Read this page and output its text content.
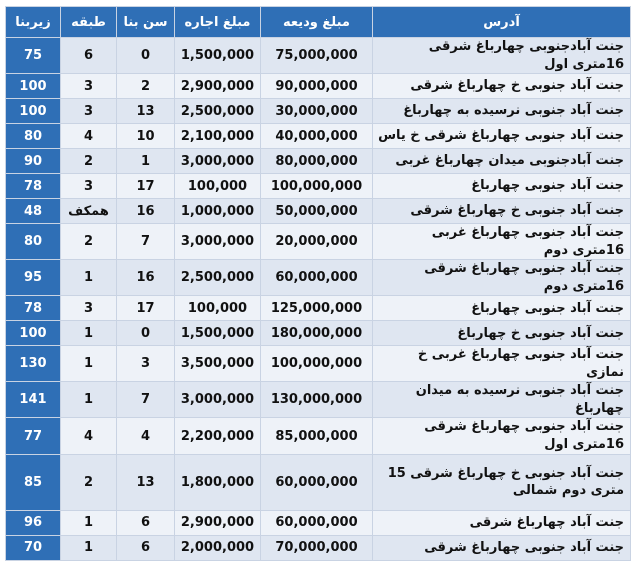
آدرس	مبلغ ودیعه	مبلغ اجاره	سن بنا	طبقه	زیربنا
جنت آبادجنوبی چهارباغ شرقی 16متری اول	75,000,000	1,500,000	0	6	75
جنت آباد جنوبی خ چهارباغ شرقی	90,000,000	2,900,000	2	3	100
جنت آباد جنوبی نرسیده به چهارباغ	30,000,000	2,500,000	13	3	100
جنت آباد جنوبی چهارباغ شرقی خ یاس	40,000,000	2,100,000	10	4	80
جنت آبادجنوبی میدان چهارباغ غربی	80,000,000	3,000,000	1	2	90
جنت آباد جنوبی چهارباغ	100,000,000	100,000	17	3	78
جنت آباد جنوبی خ چهارباغ شرقی	50,000,000	1,000,000	16	همکف	48
جنت آباد جنوبی چهارباغ غربی 16متری دوم	20,000,000	3,000,000	7	2	80
جنت آباد جنوبی چهارباغ شرقی 16متری دوم	60,000,000	2,500,000	16	1	95
جنت آباد جنوبی چهارباغ	125,000,000	100,000	17	3	78
جنت آباد جنوبی خ چهارباغ	180,000,000	1,500,000	0	1	100
جنت آباد جنوبی چهارباغ غربی خ نمازی	100,000,000	3,500,000	3	1	130
جنت آباد جنوبی نرسیده به میدان چهارباغ	130,000,000	3,000,000	7	1	141
جنت آباد جنوبی چهارباغ شرقی 16متری اول	85,000,000	2,200,000	4	4	77
جنت آباد جنوبی خ چهارباغ شرقی 15 متری دوم شمالی	60,000,000	1,800,000	13	2	85
جنت آباد چهارباغ شرقی	60,000,000	2,900,000	6	1	96
جنت آباد جنوبی چهارباغ شرقی	70,000,000	2,000,000	6	1	70
